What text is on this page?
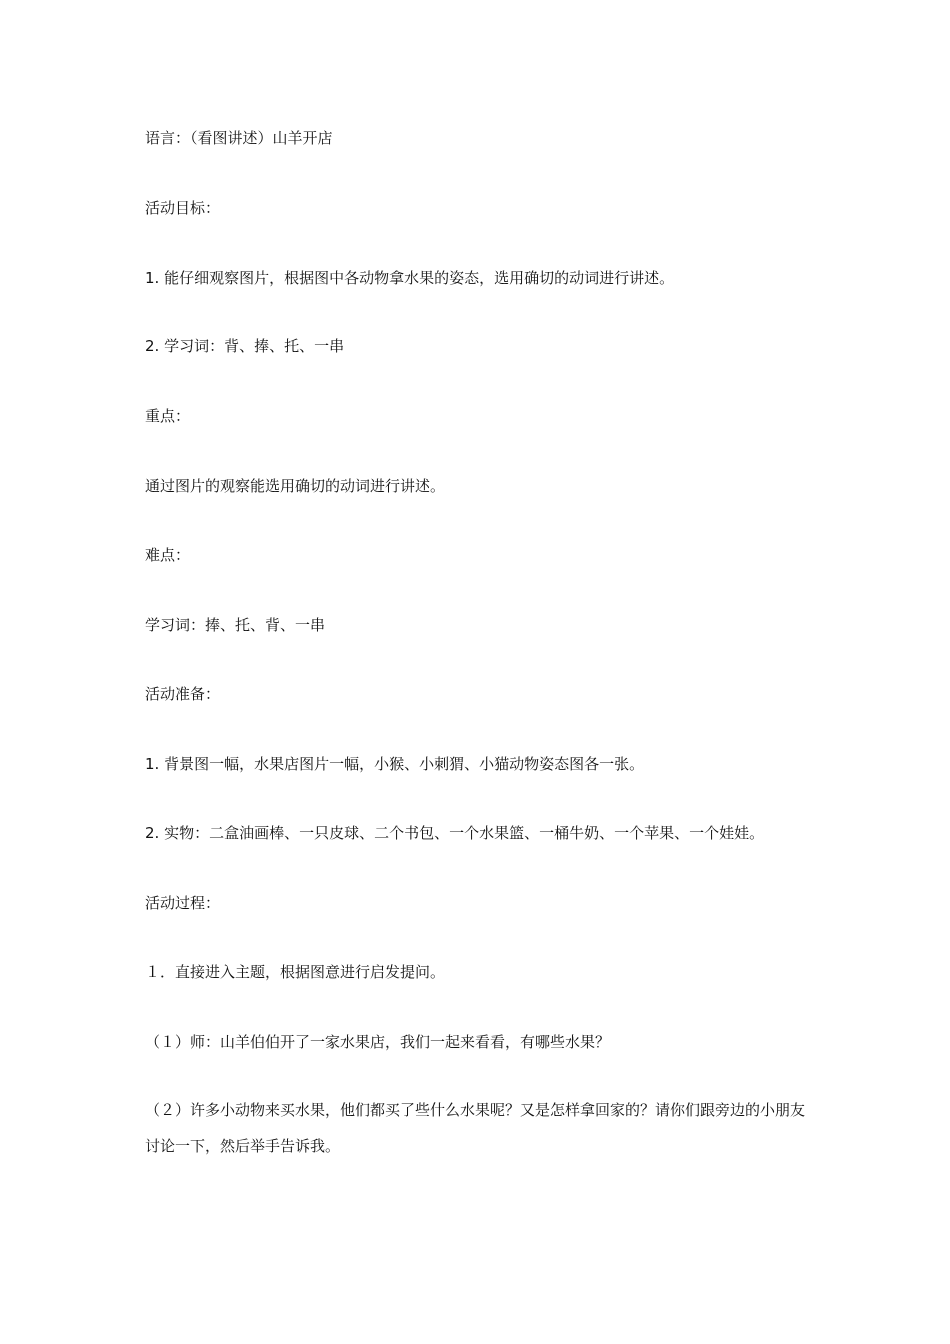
语言：（看图讲述）山羊开店
活动目标：
1. 能仔细观察图片，根据图中各动物拿水果的姿态，选用确切的动词进行讲述。
2. 学习词：背、捧、托、一串
重点：
通过图片的观察能选用确切的动词进行讲述。
难点：
学习词：捧、托、背、一串
活动准备：
1. 背景图一幅，水果店图片一幅，小猴、小刺猬、小猫动物姿态图各一张。
2. 实物：二盒油画棒、一只皮球、二个书包、一个水果篮、一桶牛奶、一个苹果、一个娃娃。
活动过程：
１．直接进入主题，根据图意进行启发提问。
（１）师：山羊伯伯开了一家水果店，我们一起来看看，有哪些水果？
（２）许多小动物来买水果，他们都买了些什么水果呢？又是怎样拿回家的？请你们跟旁边的小朋友讨论一下，然后举手告诉我。
